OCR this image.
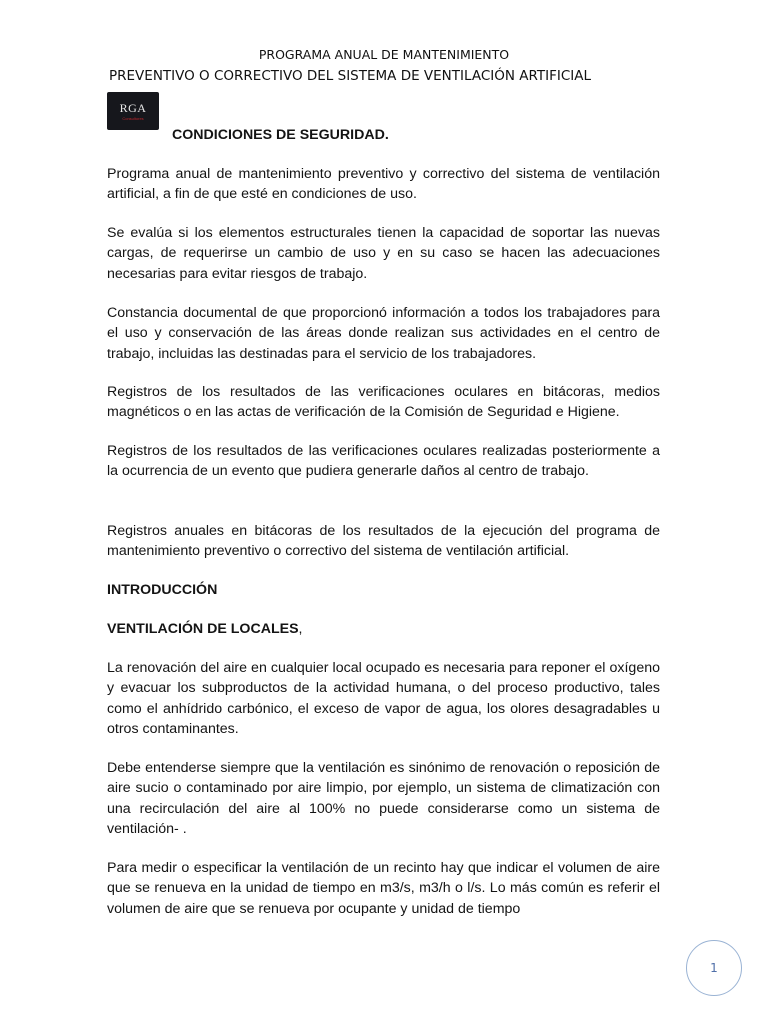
PROGRAMA ANUAL DE MANTENIMIENTO
PREVENTIVO O CORRECTIVO DEL SISTEMA DE VENTILACIÓN ARTIFICIAL
RGA
Consultores

CONDICIONES DE SEGURIDAD.

Programa anual de mantenimiento preventivo y correctivo del sistema de ventilación artificial, a fin de que esté en condiciones de uso.

Se evalúa si los elementos estructurales tienen la capacidad de soportar las nuevas cargas, de requerirse un cambio de uso y en su caso se hacen las adecuaciones necesarias para evitar riesgos de trabajo.

Constancia documental de que proporcionó información a todos los trabajadores para el uso y conservación de las áreas donde realizan sus actividades en el centro de trabajo, incluidas las destinadas para el servicio de los trabajadores.

Registros de los resultados de las verificaciones oculares en bitácoras, medios magnéticos o en las actas de verificación de la Comisión de Seguridad e Higiene.

Registros de los resultados de las verificaciones oculares realizadas posteriormente a la ocurrencia de un evento que pudiera generarle daños al centro de trabajo.

Registros anuales en bitácoras de los resultados de la ejecución del programa de mantenimiento preventivo o correctivo del sistema de ventilación artificial.

INTRODUCCIÓN

VENTILACIÓN DE LOCALES,

La renovación del aire en cualquier local ocupado es necesaria para reponer el oxígeno y evacuar los subproductos de la actividad humana, o del proceso productivo, tales como el anhídrido carbónico, el exceso de vapor de agua, los olores desagradables u otros contaminantes.

Debe entenderse siempre que la ventilación es sinónimo de renovación o reposición de aire sucio o contaminado por aire limpio, por ejemplo, un sistema de climatización con una recirculación del aire al 100% no puede considerarse como un sistema de ventilación- .

Para medir o especificar la ventilación de un recinto hay que indicar el volumen de aire que se renueva en la unidad de tiempo en m3/s, m3/h o l/s. Lo más común es referir el volumen de aire que se renueva por ocupante y unidad de tiempo

1
